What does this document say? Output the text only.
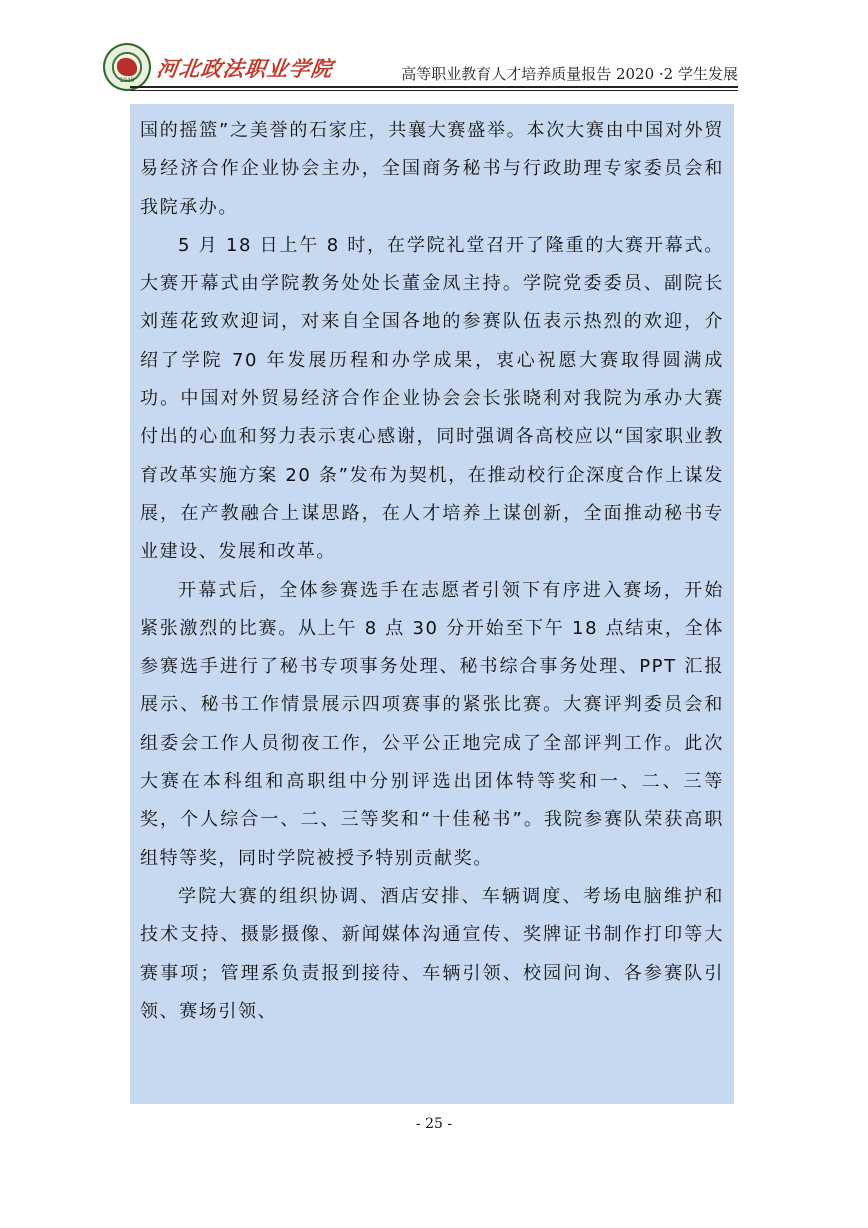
1949 河北政法职业学院	高等职业教育人才培养质量报告 2020 ·2 学生发展

国的摇篮”之美誉的石家庄，共襄大赛盛举。本次大赛由中国对外贸易经济合作企业协会主办，全国商务秘书与行政助理专家委员会和我院承办。

5 月 18 日上午 8 时，在学院礼堂召开了隆重的大赛开幕式。大赛开幕式由学院教务处处长董金凤主持。学院党委委员、副院长刘莲花致欢迎词，对来自全国各地的参赛队伍表示热烈的欢迎，介绍了学院 70 年发展历程和办学成果，衷心祝愿大赛取得圆满成功。中国对外贸易经济合作企业协会会长张晓利对我院为承办大赛付出的心血和努力表示衷心感谢，同时强调各高校应以“国家职业教育改革实施方案 20 条”发布为契机，在推动校行企深度合作上谋发展，在产教融合上谋思路，在人才培养上谋创新，全面推动秘书专业建设、发展和改革。

开幕式后，全体参赛选手在志愿者引领下有序进入赛场，开始紧张激烈的比赛。从上午 8 点 30 分开始至下午 18 点结束，全体参赛选手进行了秘书专项事务处理、秘书综合事务处理、PPT 汇报展示、秘书工作情景展示四项赛事的紧张比赛。大赛评判委员会和组委会工作人员彻夜工作，公平公正地完成了全部评判工作。此次大赛在本科组和高职组中分别评选出团体特等奖和一、二、三等奖，个人综合一、二、三等奖和“十佳秘书”。我院参赛队荣获高职组特等奖，同时学院被授予特别贡献奖。

学院大赛的组织协调、酒店安排、车辆调度、考场电脑维护和技术支持、摄影摄像、新闻媒体沟通宣传、奖牌证书制作打印等大赛事项；管理系负责报到接待、车辆引领、校园问询、各参赛队引领、赛场引领、

- 25 -
